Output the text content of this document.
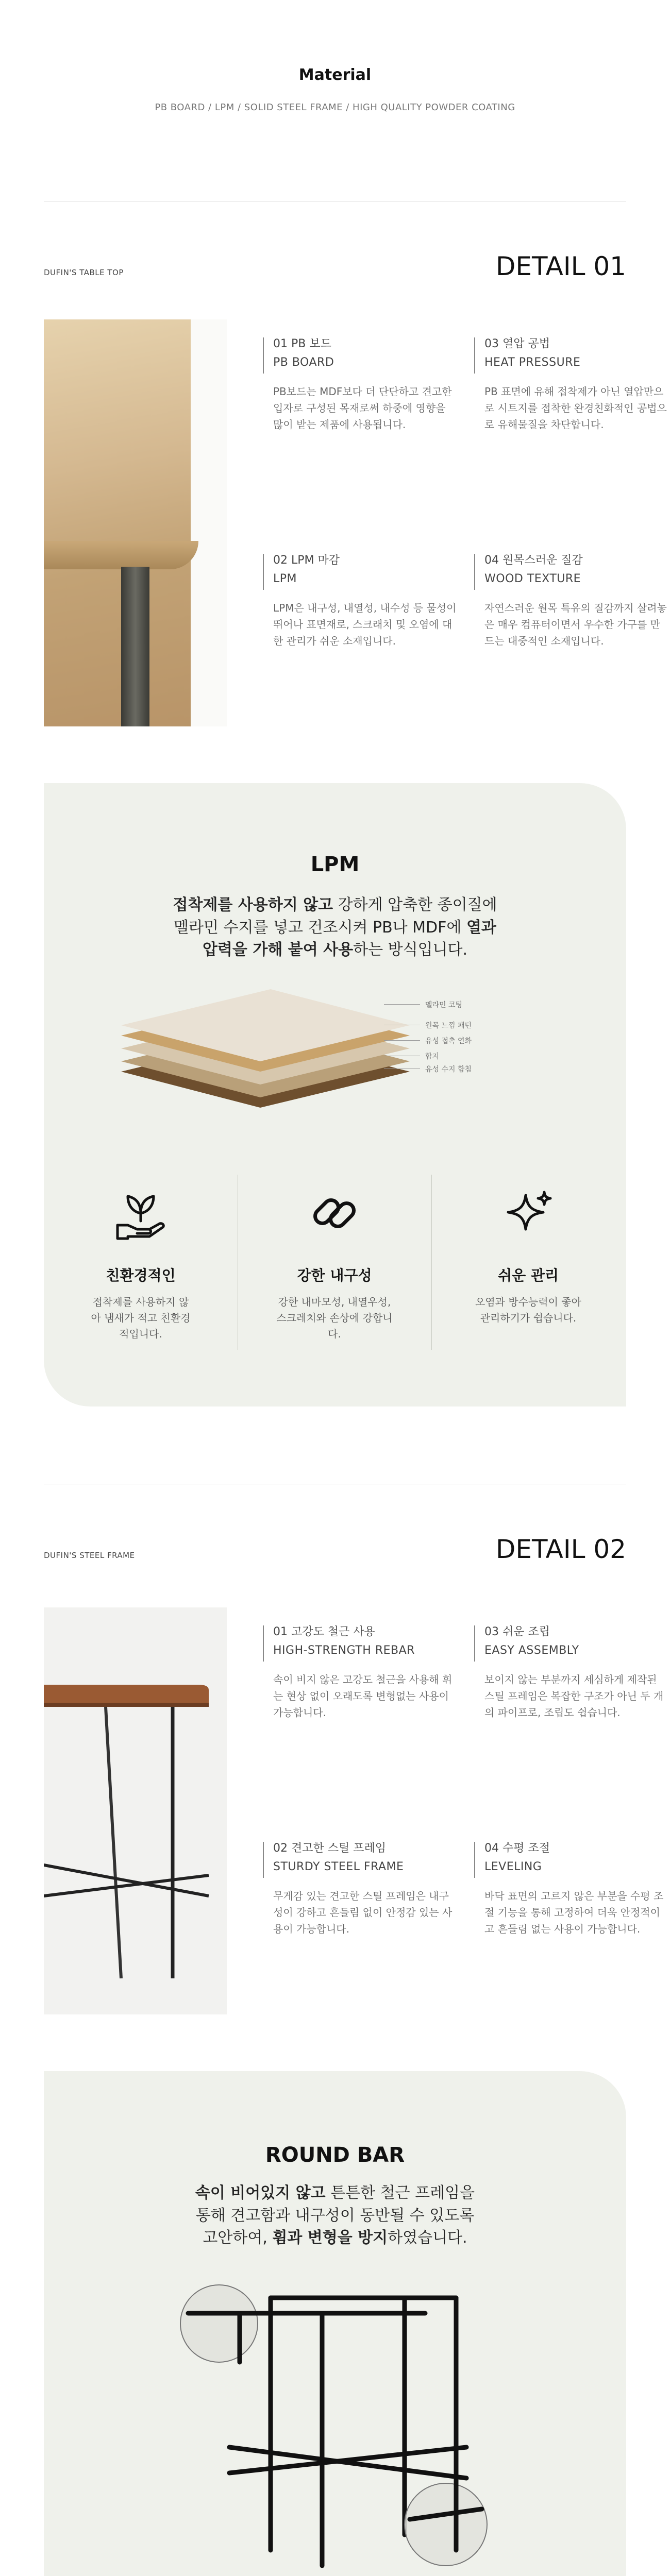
Material
PB BOARD / LPM / SOLID STEEL FRAME / HIGH QUALITY POWDER COATING
DUFIN'S TABLE TOP	DETAIL 01
01 PB 보드
PB BOARD
PB보드는 MDF보다 더 단단하고 견고한 입자로 구성된 목재로써 하중에 영향을 많이 받는 제품에 사용됩니다.
03 열압 공법
HEAT PRESSURE
PB 표면에 유해 접착제가 아닌 열압만으로 시트지를 접착한 완경친화적인 공법으로 유해물질을 차단합니다.
02 LPM 마감
LPM
LPM은 내구성, 내열성, 내수성 등 물성이 뛰어나 표면재로, 스크래치 및 오염에 대한 관리가 쉬운 소재입니다.
04 원목스러운 질감
WOOD TEXTURE
자연스러운 원목 특유의 질감까지 살려놓은 매우 컴퓨터이면서 우수한 가구를 만드는 대중적인 소재입니다.
LPM
접착제를 사용하지 않고 강하게 압축한 종이질에
멜라민 수지를 넣고 건조시켜 PB나 MDF에 열과
압력을 가해 붙여 사용하는 방식입니다.
멜라민 코팅
원목 느낌 패턴
유성 접촉 연화
합지
유성 수지 함침
친환경적인
접착제를 사용하지 않아 냄새가 적고 친환경적입니다.
강한 내구성
강한 내마모성, 내열우성, 스크레치와 손상에 강합니다.
쉬운 관리
오염과 방수능력이 좋아 관리하기가 쉽습니다.
DUFIN'S STEEL FRAME	DETAIL 02
01 고강도 철근 사용
HIGH-STRENGTH REBAR
속이 비지 않은 고강도 철근을 사용해 휘는 현상 없이 오래도록 변형없는 사용이 가능합니다.
03 쉬운 조립
EASY ASSEMBLY
보이지 않는 부분까지 세심하게 제작된 스틸 프레임은 복잡한 구조가 아닌 두 개의 파이프로, 조립도 쉽습니다.
02 견고한 스틸 프레임
STURDY STEEL FRAME
무게감 있는 견고한 스틸 프레임은 내구성이 강하고 흔들림 없이 안정감 있는 사용이 가능합니다.
04 수평 조절
LEVELING
바닥 표면의 고르지 않은 부분을 수평 조절 기능을 통해 고정하여 더욱 안정적이고 흔들림 없는 사용이 가능합니다.
ROUND BAR
속이 비어있지 않고 튼튼한 철근 프레임을
통해 견고함과 내구성이 동반될 수 있도록
고안하여, 휨과 변형을 방지하였습니다.
